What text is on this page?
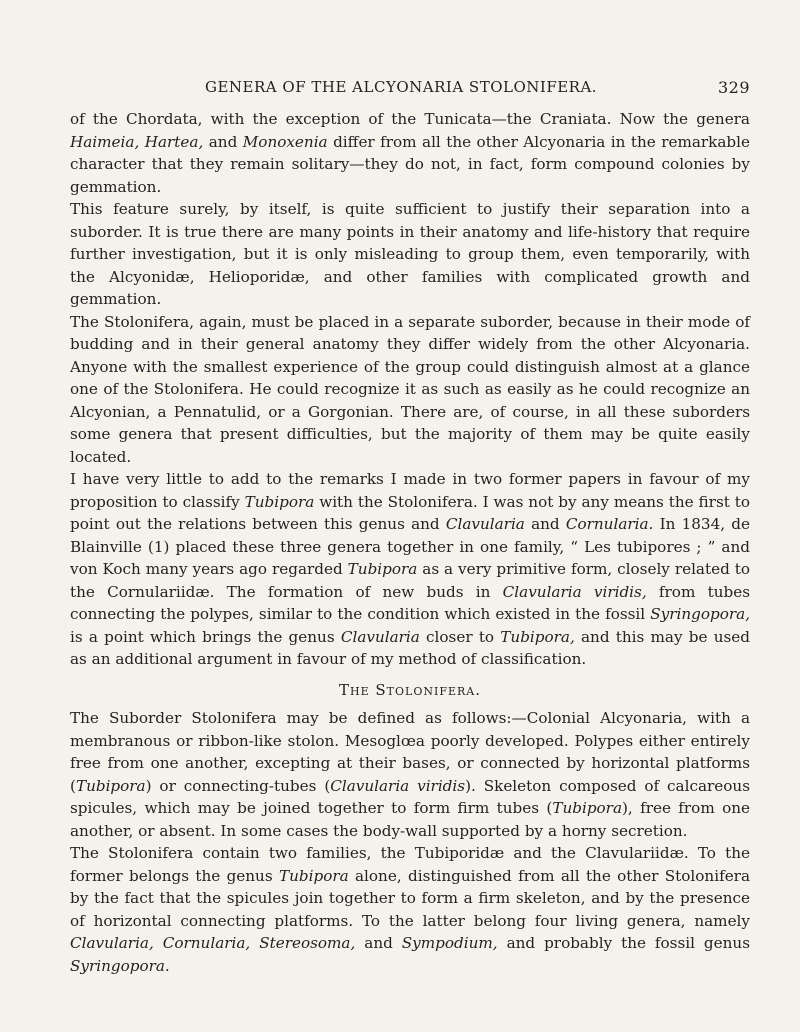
GENERA OF THE ALCYONARIA STOLONIFERA.	329

of the Chordata, with the exception of the Tunicata—the Craniata. Now the genera Haimeia, Hartea, and Monoxenia differ from all the other Alcyonaria in the remarkable character that they remain solitary—they do not, in fact, form compound colonies by gemmation.

This feature surely, by itself, is quite sufficient to justify their separation into a suborder. It is true there are many points in their anatomy and life-history that require further investigation, but it is only misleading to group them, even temporarily, with the Alcyonidæ, Helioporidæ, and other families with complicated growth and gemmation.

The Stolonifera, again, must be placed in a separate suborder, because in their mode of budding and in their general anatomy they differ widely from the other Alcyonaria. Anyone with the smallest experience of the group could distinguish almost at a glance one of the Stolonifera. He could recognize it as such as easily as he could recognize an Alcyonian, a Pennatulid, or a Gorgonian. There are, of course, in all these suborders some genera that present difficulties, but the majority of them may be quite easily located.

I have very little to add to the remarks I made in two former papers in favour of my proposition to classify Tubipora with the Stolonifera. I was not by any means the first to point out the relations between this genus and Clavularia and Cornularia. In 1834, de Blainville (1) placed these three genera together in one family, “ Les tubipores ; ” and von Koch many years ago regarded Tubipora as a very primitive form, closely related to the Cornulariidæ. The formation of new buds in Clavularia viridis, from tubes connecting the polypes, similar to the condition which existed in the fossil Syringopora, is a point which brings the genus Clavularia closer to Tubipora, and this may be used as an additional argument in favour of my method of classification.

The Stolonifera.

The Suborder Stolonifera may be defined as follows:—Colonial Alcyonaria, with a membranous or ribbon-like stolon. Mesoglœa poorly developed. Polypes either entirely free from one another, excepting at their bases, or connected by horizontal platforms (Tubipora) or connecting-tubes (Clavularia viridis). Skeleton composed of calcareous spicules, which may be joined together to form firm tubes (Tubipora), free from one another, or absent. In some cases the body-wall supported by a horny secretion.

The Stolonifera contain two families, the Tubiporidæ and the Clavulariidæ. To the former belongs the genus Tubipora alone, distinguished from all the other Stolonifera by the fact that the spicules join together to form a firm skeleton, and by the presence of horizontal connecting platforms. To the latter belong four living genera, namely Clavularia, Cornularia, Stereosoma, and Sympodium, and probably the fossil genus Syringopora.
